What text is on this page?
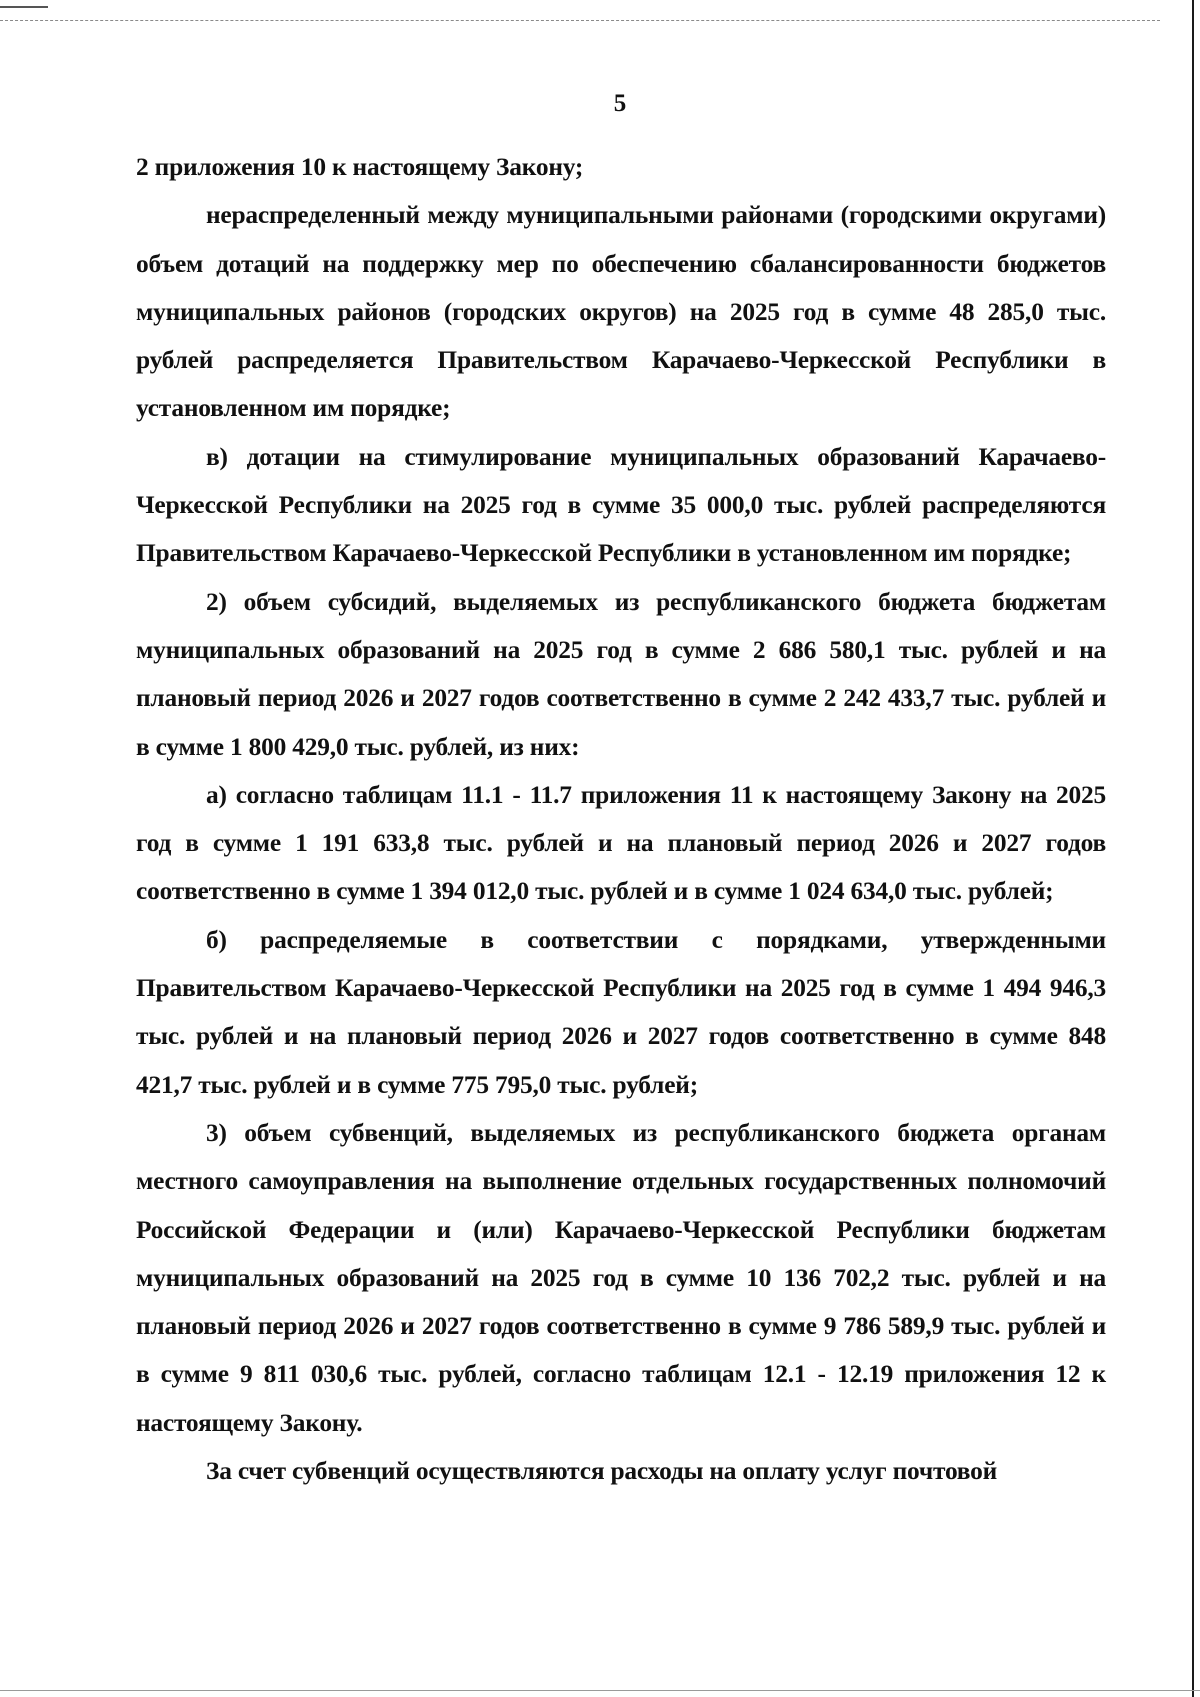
5

2 приложения 10 к настоящему Закону;

нераспределенный между муниципальными районами (городскими округами) объем дотаций на поддержку мер по обеспечению сбалансированности бюджетов муниципальных районов (городских округов) на 2025 год в сумме 48 285,0 тыс. рублей распределяется Правительством Карачаево-Черкесской Республики в установленном им порядке;

в) дотации на стимулирование муниципальных образований Карачаево-Черкесской Республики на 2025 год в сумме 35 000,0 тыс. рублей распределяются Правительством Карачаево-Черкесской Республики в установленном им порядке;

2) объем субсидий, выделяемых из республиканского бюджета бюджетам муниципальных образований на 2025 год в сумме 2 686 580,1 тыс. рублей и на плановый период 2026 и 2027 годов соответственно в сумме 2 242 433,7 тыс. рублей и в сумме 1 800 429,0 тыс. рублей, из них:

а) согласно таблицам 11.1 - 11.7 приложения 11 к настоящему Закону на 2025 год в сумме 1 191 633,8 тыс. рублей и на плановый период 2026 и 2027 годов соответственно в сумме 1 394 012,0 тыс. рублей и в сумме 1 024 634,0 тыс. рублей;

б) распределяемые в соответствии с порядками, утвержденными Правительством Карачаево-Черкесской Республики на 2025 год в сумме 1 494 946,3 тыс. рублей и на плановый период 2026 и 2027 годов соответственно в сумме 848 421,7 тыс. рублей и в сумме 775 795,0 тыс. рублей;

3) объем субвенций, выделяемых из республиканского бюджета органам местного самоуправления на выполнение отдельных государственных полномочий Российской Федерации и (или) Карачаево-Черкесской Республики бюджетам муниципальных образований на 2025 год в сумме 10 136 702,2 тыс. рублей и на плановый период 2026 и 2027 годов соответственно в сумме 9 786 589,9 тыс. рублей и в сумме 9 811 030,6 тыс. рублей, согласно таблицам 12.1 - 12.19 приложения 12 к настоящему Закону.

За счет субвенций осуществляются расходы на оплату услуг почтовой
